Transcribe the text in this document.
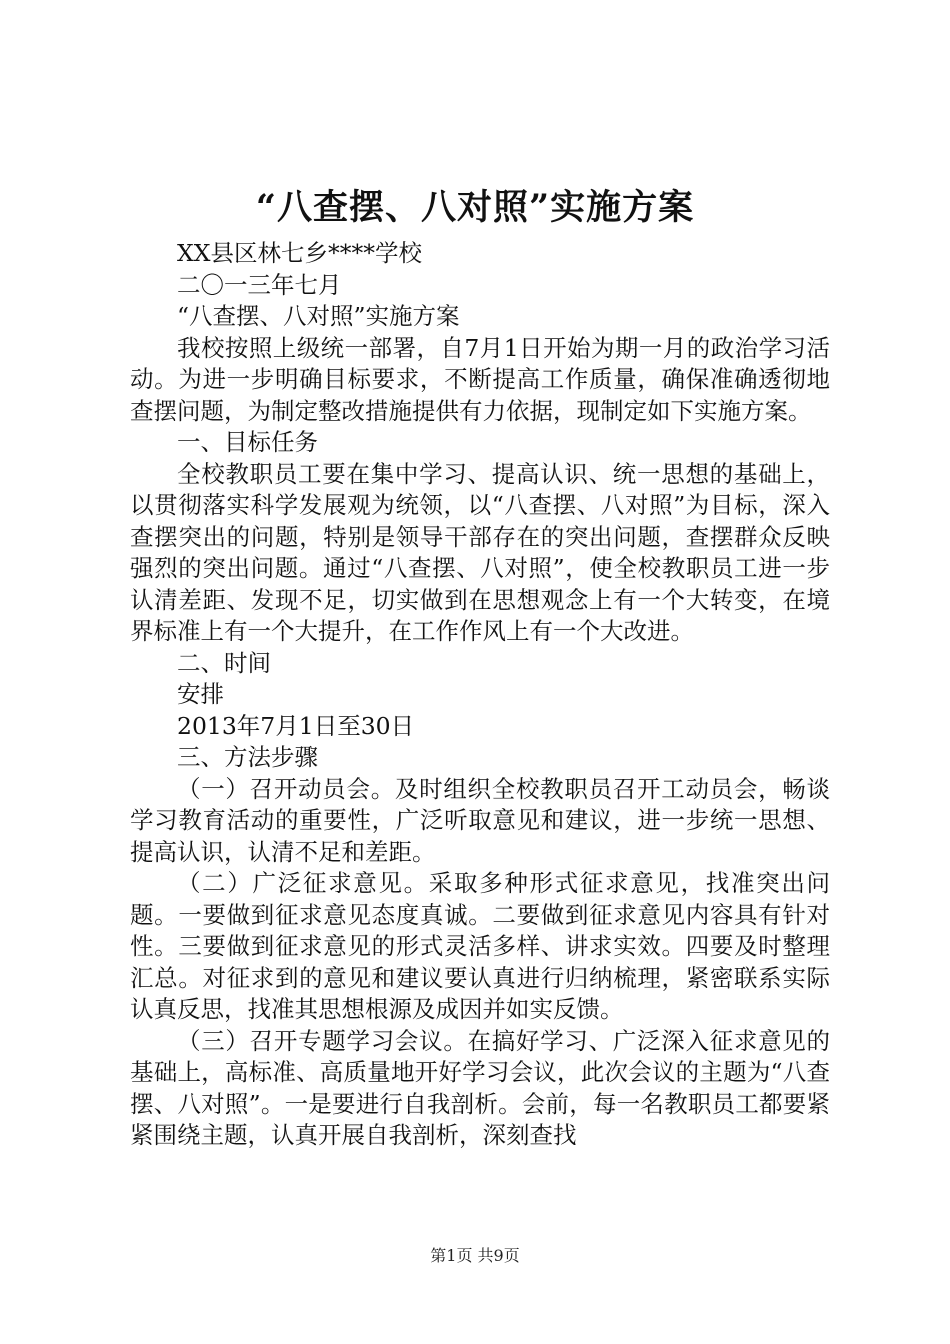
“八查摆、八对照”实施方案

XX县区林七乡****学校

二〇一三年七月

“八查摆、八对照”实施方案

我校按照上级统一部署，自7月1日开始为期一月的政治学习活动。为进一步明确目标要求，不断提高工作质量，确保准确透彻地查摆问题，为制定整改措施提供有力依据，现制定如下实施方案。

一、目标任务

全校教职员工要在集中学习、提高认识、统一思想的基础上，以贯彻落实科学发展观为统领，以“八查摆、八对照”为目标，深入查摆突出的问题，特别是领导干部存在的突出问题，查摆群众反映强烈的突出问题。通过“八查摆、八对照”，使全校教职员工进一步认清差距、发现不足，切实做到在思想观念上有一个大转变，在境界标准上有一个大提升，在工作作风上有一个大改进。

二、时间

安排

2013年7月1日至30日

三、方法步骤

（一）召开动员会。及时组织全校教职员召开工动员会，畅谈学习教育活动的重要性，广泛听取意见和建议，进一步统一思想、提高认识，认清不足和差距。

（二）广泛征求意见。采取多种形式征求意见，找准突出问题。一要做到征求意见态度真诚。二要做到征求意见内容具有针对性。三要做到征求意见的形式灵活多样、讲求实效。四要及时整理汇总。对征求到的意见和建议要认真进行归纳梳理，紧密联系实际认真反思，找准其思想根源及成因并如实反馈。

（三）召开专题学习会议。在搞好学习、广泛深入征求意见的基础上，高标准、高质量地开好学习会议，此次会议的主题为“八查摆、八对照”。一是要进行自我剖析。会前，每一名教职员工都要紧紧围绕主题，认真开展自我剖析，深刻查找

第1页 共9页
